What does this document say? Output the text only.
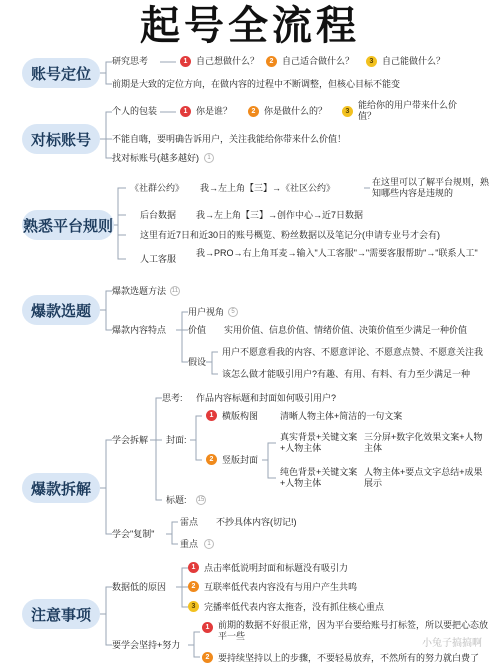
起号全流程
账号定位
研究思考	1 自己想做什么？	2 自己适合做什么？	3 自己能做什么？
前期是大致的定位方向，在做内容的过程中不断调整，但核心目标不能变
对标账号
个人的包装	1 你是谁？	2 你是做什么的？	3
能给你的用户带来什么价值？
不能自嗨，要明确告诉用户，关注我能给你带来什么价值！
找对标账号(越多越好)	1
熟悉平台规则
《社群公约》 我→左上角【三】→《社区公约》
在这里可以了解平台规则，熟知哪些内容是违规的
后台数据 我→左上角【三】→创作中心→近7日数据
这里有近7日和近30日的账号概览、粉丝数据以及笔记分(申请专业号才会有)
人工客服
我→PRO→右上角耳麦→输入"人工客服"→"需要客服帮助"→"联系人工"
爆款选题
爆款选题方法 11
爆款内容特点
用户视角	5
价值 实用价值、信息价值、情绪价值、决策价值至少满足一种价值
假设
用户不愿意看我的内容、不愿意评论、不愿意点赞、不愿意关注我
该怎么做才能吸引用户?有趣、有用、有料、有力至少满足一种
爆款拆解
学会拆解
思考: 作品内容标题和封面如何吸引用户?
封面:
1 横版构图 清晰人物主体+简洁的一句文案
2 竖版封面
真实背景+关键文案+人物主体
三分屏+数字化效果文案+人物主体
纯色背景+关键文案+人物主体
人物主体+要点文字总结+成果展示
标题: 15
学会"复制"
雷点 不抄具体内容(切记!)
重点	1
注意事项
数据低的原因
1 点击率低说明封面和标题没有吸引力
2 互联率低代表内容没有与用户产生共鸣
3 完播率低代表内容太拖沓，没有抓住核心重点
要学会坚持+努力
1 前期的数据不好很正常，因为平台要给账号打标签，所以要把心态放平一些
2 要持续坚持以上的步骤，不要轻易放弃，不然所有的努力就白费了
小兔子搞搞啊
